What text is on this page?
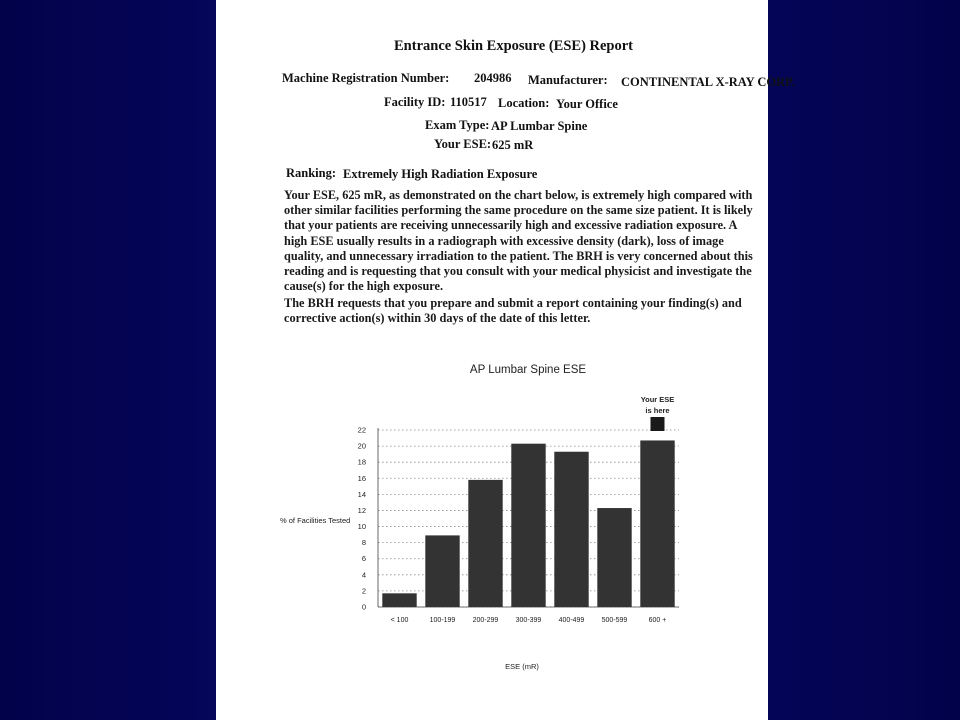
Entrance Skin Exposure (ESE) Report
Machine Registration Number: 204986 Manufacturer: CONTINENTAL X-RAY CORP.
Facility ID: 110517 Location: Your Office
Exam Type: AP Lumbar Spine
Your ESE: 625 mR
Ranking: Extremely High Radiation Exposure

Your ESE, 625 mR, as demonstrated on the chart below, is extremely high compared with other similar facilities performing the same procedure on the same size patient. It is likely that your patients are receiving unnecessarily high and excessive radiation exposure. A high ESE usually results in a radiograph with excessive density (dark), loss of image quality, and unnecessary irradiation to the patient. The BRH is very concerned about this reading and is requesting that you consult with your medical physicist and investigate the cause(s) for the high exposure.

The BRH requests that you prepare and submit a report containing your finding(s) and corrective action(s) within 30 days of the date of this letter.

AP Lumbar Spine ESE
% of Facilities Tested
ESE (mR)
0
2
4
6
8
10
12
14
16
18
20
22
< 100	100-199 200-299 300-399 400-499 500-599	600 +
Your ESE
is here
